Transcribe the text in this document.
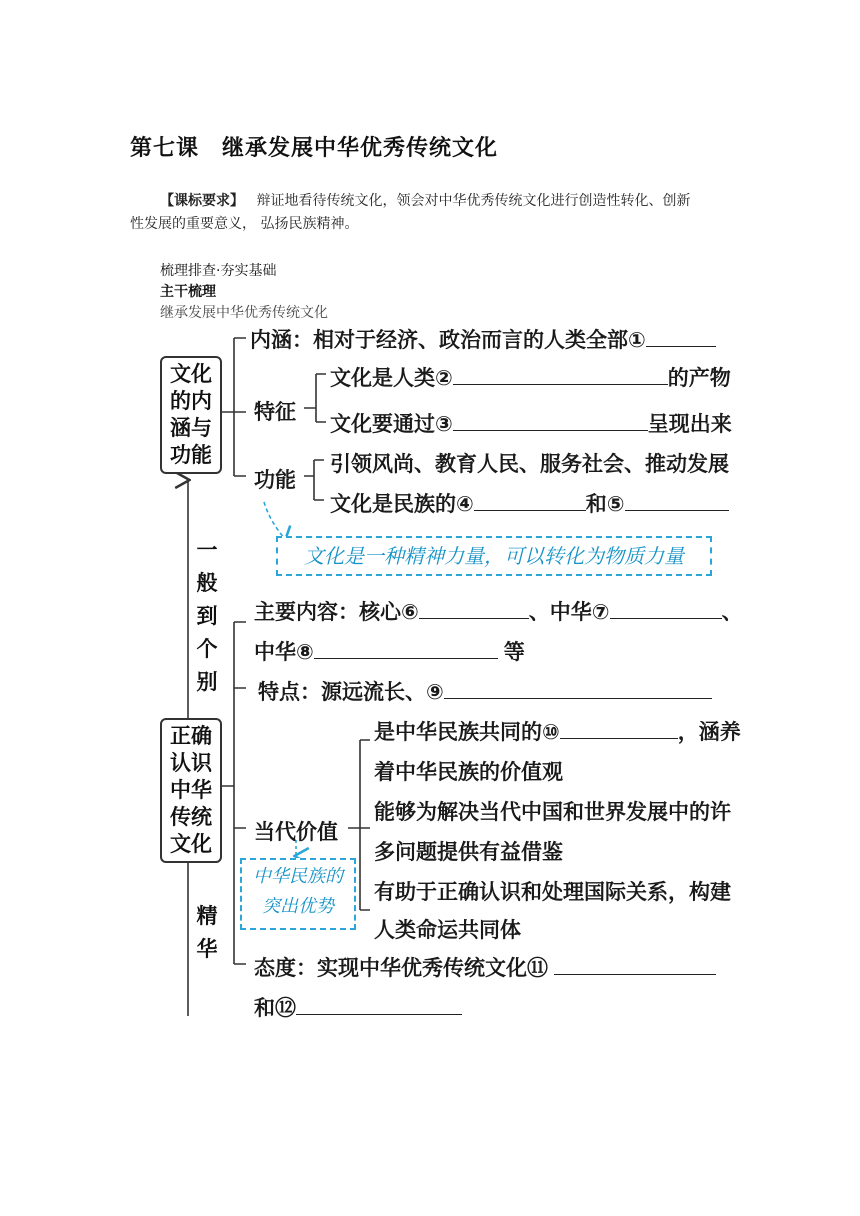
第七课　继承发展中华优秀传统文化
【课标要求】 辩证地看待传统文化，领会对中华优秀传统文化进行创造性转化、创新
性发展的重要意义， 弘扬民族精神。
梳理排查·夯实基础
主干梳理
继承发展中华优秀传统文化
文化
的内
涵与
功能
正确
认识
中华
传统
文化
一
般
到
个
别
精
华
内涵：相对于经济、政治而言的人类全部①
特征
文化是人类②	的产物
文化要通过③	呈现出来
功能
引领风尚、教育人民、服务社会、推动发展
文化是民族的④	和⑤
文化是一种精神力量，可以转化为物质力量
主要内容：核心⑥	、中华⑦	、
中华⑧	等
特点：源远流长、⑨
当代价值
是中华民族共同的⑩	，涵养
着中华民族的价值观
能够为解决当代中国和世界发展中的许
多问题提供有益借鉴
有助于正确认识和处理国际关系，构建
人类命运共同体
中华民族的
突出优势
态度：实现中华优秀传统文化⑪
和⑫
